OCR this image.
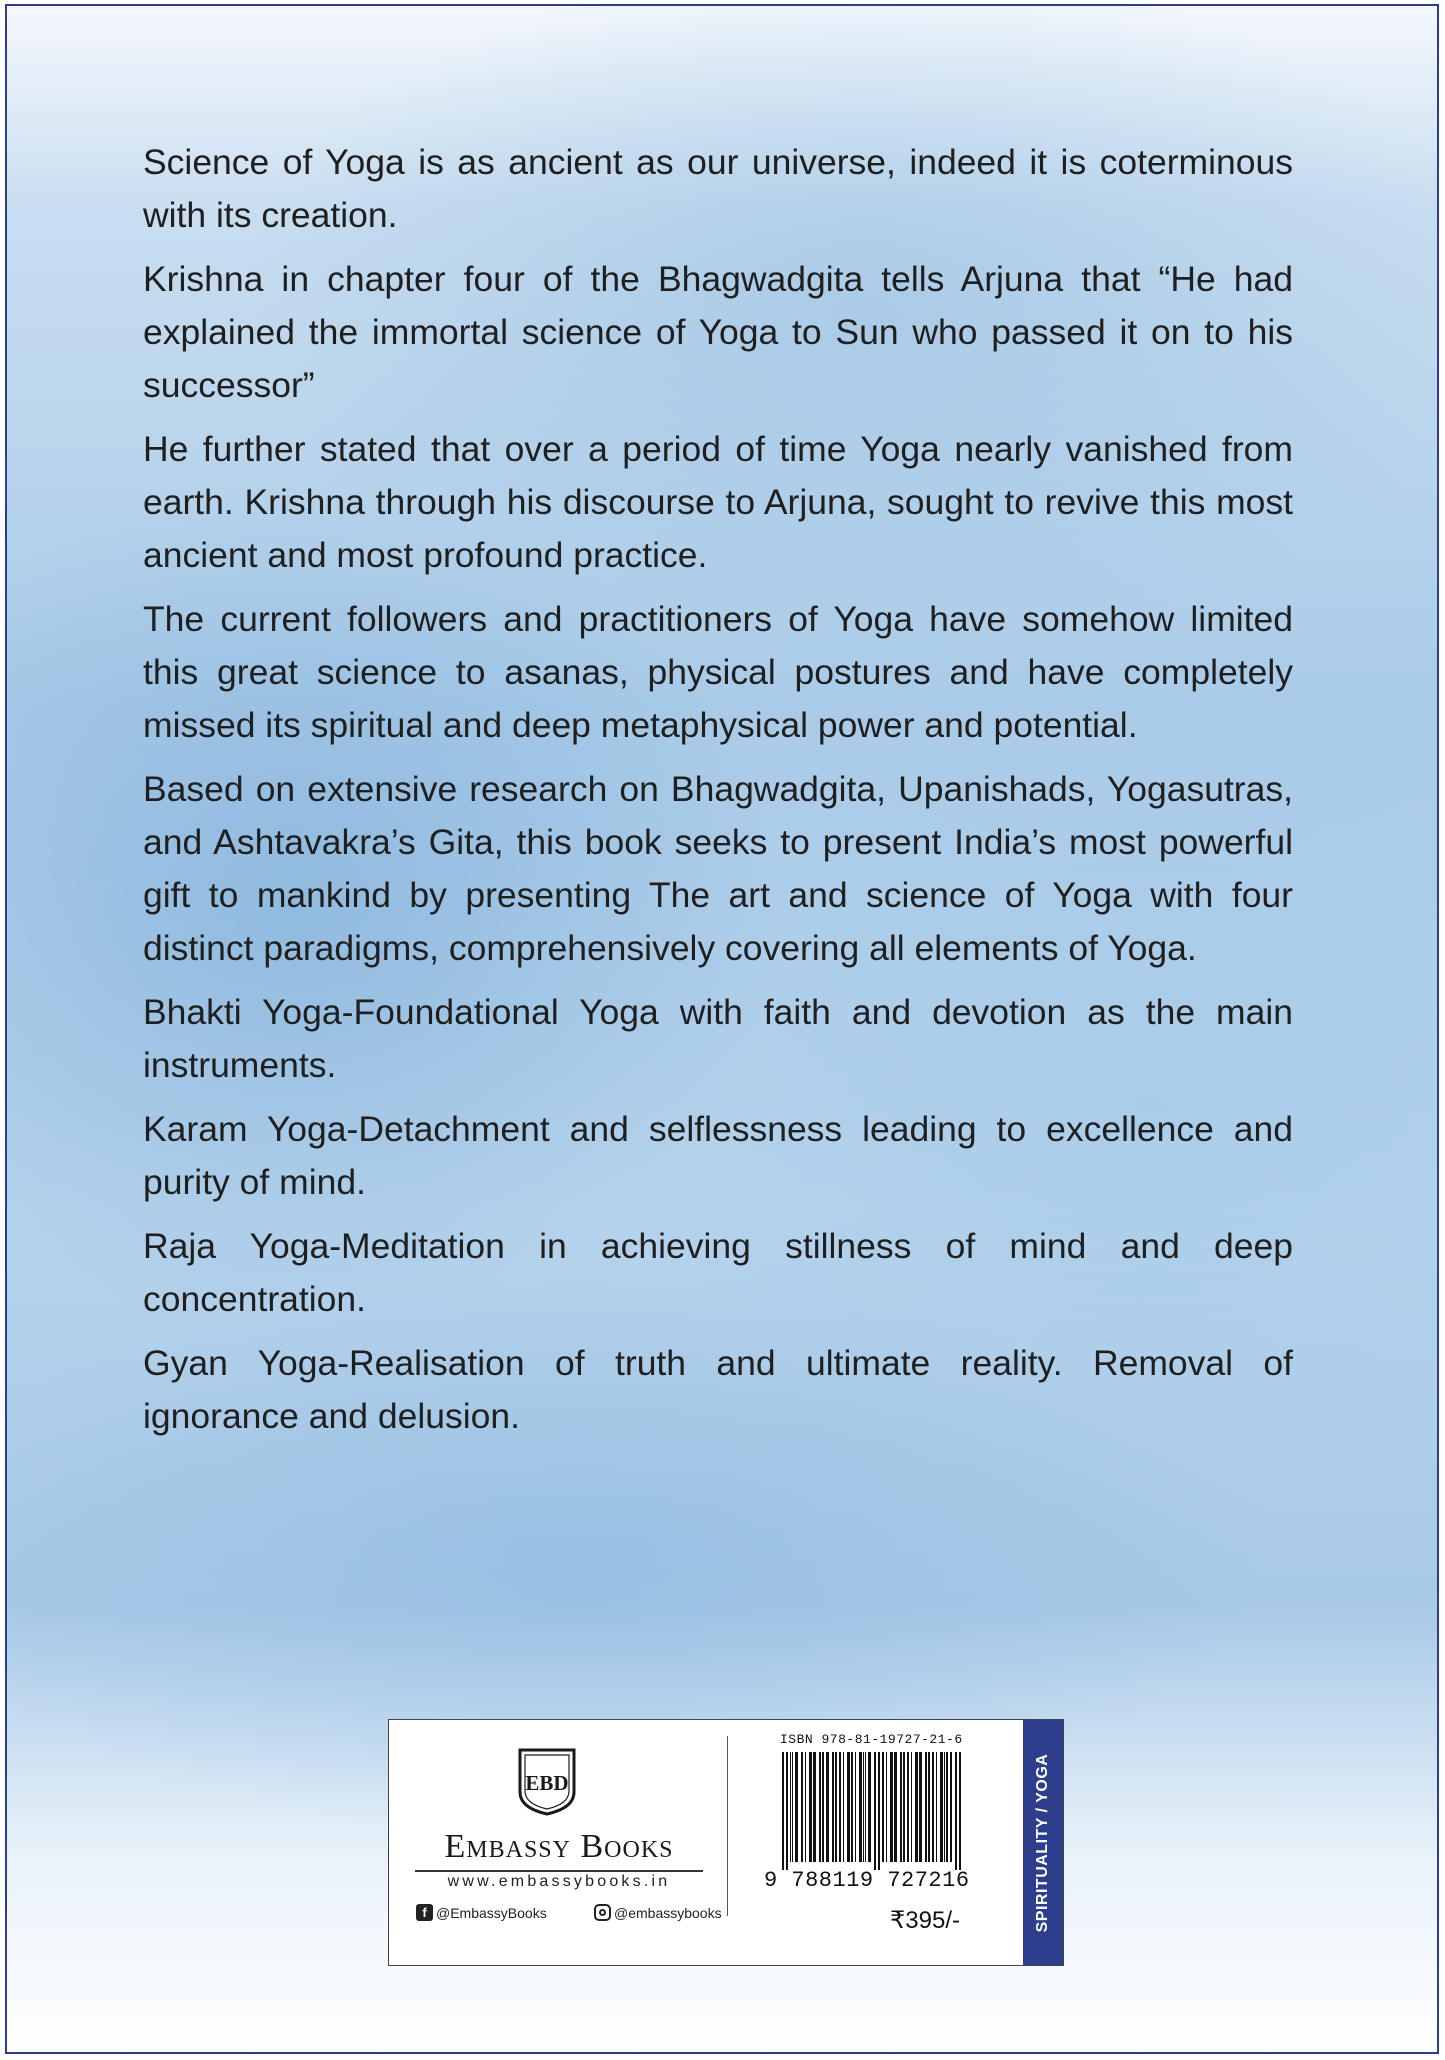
Science of Yoga is as ancient as our universe, indeed it is coterminous with its creation.

Krishna in chapter four of the Bhagwadgita tells Arjuna that “He had explained the immortal science of Yoga to Sun who passed it on to his successor”

He further stated that over a period of time Yoga nearly vanished from earth. Krishna through his discourse to Arjuna, sought to revive this most ancient and most profound practice.

The current followers and practitioners of Yoga have somehow limited this great science to asanas, physical postures and have completely missed its spiritual and deep metaphysical power and potential.

Based on extensive research on Bhagwadgita, Upanishads, Yogasutras, and Ashtavakra’s Gita, this book seeks to present India’s most powerful gift to mankind by presenting The art and science of Yoga with four distinct paradigms, comprehensively covering all elements of Yoga.

Bhakti Yoga-Foundational Yoga with faith and devotion as the main instruments.

Karam Yoga-Detachment and selflessness leading to excellence and purity of mind.

Raja Yoga-Meditation in achieving stillness of mind and deep concentration.

Gyan Yoga-Realisation of truth and ultimate reality. Removal of ignorance and delusion.

EBD
Embassy Books
www.embassybooks.in
f @EmbassyBooks	@embassybooks
ISBN 978-81-19727-21-6
9 788119 727216
₹395/-	SPIRITUALITY / YOGA
